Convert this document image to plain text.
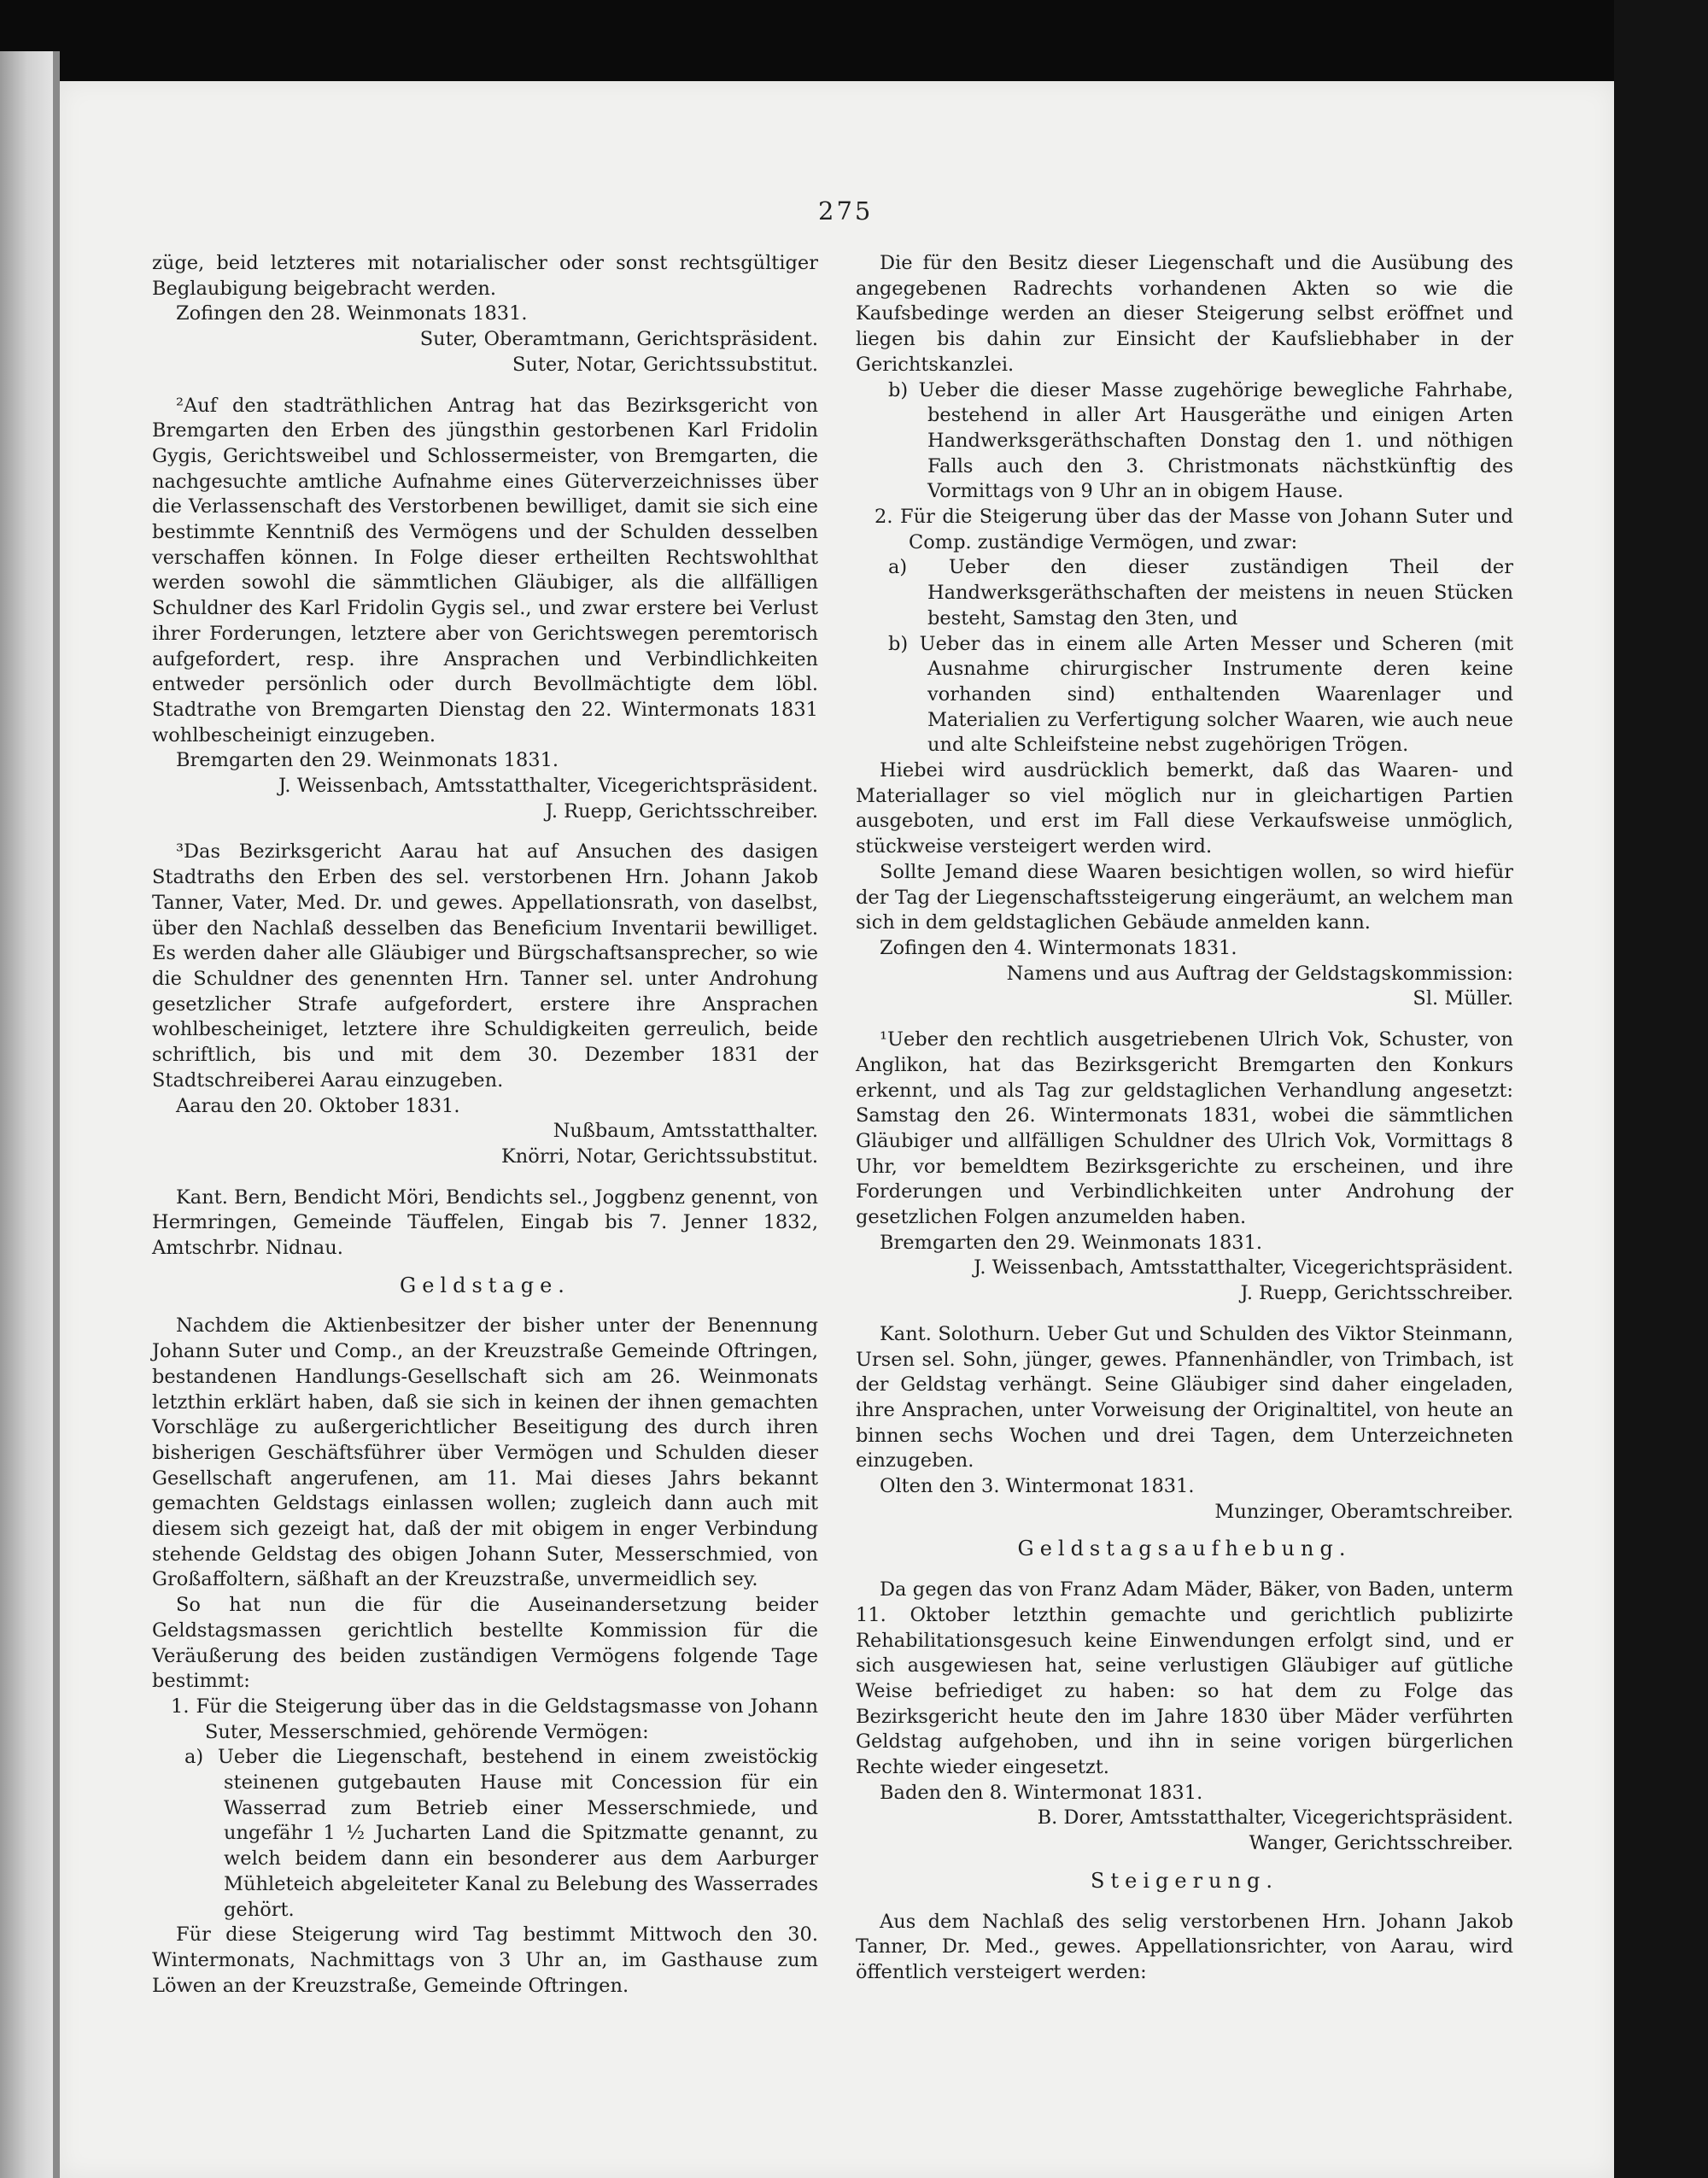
275

züge, beid letzteres mit notarialischer oder sonst rechtsgültiger Beglaubigung beigebracht werden.

Zofingen den 28. Weinmonats 1831.

Suter, Oberamtmann, Gerichtspräsident.

Suter, Notar, Gerichtssubstitut.

²Auf den stadträthlichen Antrag hat das Bezirksgericht von Bremgarten den Erben des jüngsthin gestorbenen Karl Fridolin Gygis, Gerichtsweibel und Schlossermeister, von Bremgarten, die nachgesuchte amtliche Aufnahme eines Güterverzeichnisses über die Verlassenschaft des Verstorbenen bewilliget, damit sie sich eine bestimmte Kenntniß des Vermögens und der Schulden desselben verschaffen können. In Folge dieser ertheilten Rechtswohlthat werden sowohl die sämmtlichen Gläubiger, als die allfälligen Schuldner des Karl Fridolin Gygis sel., und zwar erstere bei Verlust ihrer Forderungen, letztere aber von Gerichtswegen peremtorisch aufgefordert, resp. ihre Ansprachen und Verbindlichkeiten entweder persönlich oder durch Bevollmächtigte dem löbl. Stadtrathe von Bremgarten Dienstag den 22. Wintermonats 1831 wohlbescheinigt einzugeben.

Bremgarten den 29. Weinmonats 1831.

J. Weissenbach, Amtsstatthalter, Vicegerichtspräsident.

J. Ruepp, Gerichtsschreiber.

³Das Bezirksgericht Aarau hat auf Ansuchen des dasigen Stadtraths den Erben des sel. verstorbenen Hrn. Johann Jakob Tanner, Vater, Med. Dr. und gewes. Appellationsrath, von daselbst, über den Nachlaß desselben das Beneficium Inventarii bewilliget. Es werden daher alle Gläubiger und Bürgschaftsansprecher, so wie die Schuldner des genennten Hrn. Tanner sel. unter Androhung gesetzlicher Strafe aufgefordert, erstere ihre Ansprachen wohlbescheiniget, letztere ihre Schuldigkeiten gerreulich, beide schriftlich, bis und mit dem 30. Dezember 1831 der Stadtschreiberei Aarau einzugeben.

Aarau den 20. Oktober 1831.

Nußbaum, Amtsstatthalter.

Knörri, Notar, Gerichtssubstitut.

Kant. Bern, Bendicht Möri, Bendichts sel., Joggbenz genennt, von Hermringen, Gemeinde Täuffelen, Eingab bis 7. Jenner 1832, Amtschrbr. Nidnau.

Geldstage.

Nachdem die Aktienbesitzer der bisher unter der Benennung Johann Suter und Comp., an der Kreuzstraße Gemeinde Oftringen, bestandenen Handlungs-Gesellschaft sich am 26. Weinmonats letzthin erklärt haben, daß sie sich in keinen der ihnen gemachten Vorschläge zu außergerichtlicher Beseitigung des durch ihren bisherigen Geschäftsführer über Vermögen und Schulden dieser Gesellschaft angerufenen, am 11. Mai dieses Jahrs bekannt gemachten Geldstags einlassen wollen; zugleich dann auch mit diesem sich gezeigt hat, daß der mit obigem in enger Verbindung stehende Geldstag des obigen Johann Suter, Messerschmied, von Großaffoltern, säßhaft an der Kreuzstraße, unvermeidlich sey.

So hat nun die für die Auseinandersetzung beider Geldstagsmassen gerichtlich bestellte Kommission für die Veräußerung des beiden zuständigen Vermögens folgende Tage bestimmt:

1. Für die Steigerung über das in die Geldstagsmasse von Johann Suter, Messerschmied, gehörende Vermögen:

a) Ueber die Liegenschaft, bestehend in einem zweistöckig steinenen gutgebauten Hause mit Concession für ein Wasserrad zum Betrieb einer Messerschmiede, und ungefähr 1 ½ Jucharten Land die Spitzmatte genannt, zu welch beidem dann ein besonderer aus dem Aarburger Mühleteich abgeleiteter Kanal zu Belebung des Wasserrades gehört.

Für diese Steigerung wird Tag bestimmt Mittwoch den 30. Wintermonats, Nachmittags von 3 Uhr an, im Gasthause zum Löwen an der Kreuzstraße, Gemeinde Oftringen.

Die für den Besitz dieser Liegenschaft und die Ausübung des angegebenen Radrechts vorhandenen Akten so wie die Kaufsbedinge werden an dieser Steigerung selbst eröffnet und liegen bis dahin zur Einsicht der Kaufsliebhaber in der Gerichtskanzlei.

b) Ueber die dieser Masse zugehörige bewegliche Fahrhabe, bestehend in aller Art Hausgeräthe und einigen Arten Handwerksgeräthschaften Donstag den 1. und nöthigen Falls auch den 3. Christmonats nächstkünftig des Vormittags von 9 Uhr an in obigem Hause.

2. Für die Steigerung über das der Masse von Johann Suter und Comp. zuständige Vermögen, und zwar:

a) Ueber den dieser zuständigen Theil der Handwerksgeräthschaften der meistens in neuen Stücken besteht, Samstag den 3ten, und

b) Ueber das in einem alle Arten Messer und Scheren (mit Ausnahme chirurgischer Instrumente deren keine vorhanden sind) enthaltenden Waarenlager und Materialien zu Verfertigung solcher Waaren, wie auch neue und alte Schleifsteine nebst zugehörigen Trögen.

Hiebei wird ausdrücklich bemerkt, daß das Waaren- und Materiallager so viel möglich nur in gleichartigen Partien ausgeboten, und erst im Fall diese Verkaufsweise unmöglich, stückweise versteigert werden wird.

Sollte Jemand diese Waaren besichtigen wollen, so wird hiefür der Tag der Liegenschaftssteigerung eingeräumt, an welchem man sich in dem geldstaglichen Gebäude anmelden kann.

Zofingen den 4. Wintermonats 1831.

Namens und aus Auftrag der Geldstagskommission:

Sl. Müller.

¹Ueber den rechtlich ausgetriebenen Ulrich Vok, Schuster, von Anglikon, hat das Bezirksgericht Bremgarten den Konkurs erkennt, und als Tag zur geldstaglichen Verhandlung angesetzt: Samstag den 26. Wintermonats 1831, wobei die sämmtlichen Gläubiger und allfälligen Schuldner des Ulrich Vok, Vormittags 8 Uhr, vor bemeldtem Bezirksgerichte zu erscheinen, und ihre Forderungen und Verbindlichkeiten unter Androhung der gesetzlichen Folgen anzumelden haben.

Bremgarten den 29. Weinmonats 1831.

J. Weissenbach, Amtsstatthalter, Vicegerichtspräsident.

J. Ruepp, Gerichtsschreiber.

Kant. Solothurn. Ueber Gut und Schulden des Viktor Steinmann, Ursen sel. Sohn, jünger, gewes. Pfannenhändler, von Trimbach, ist der Geldstag verhängt. Seine Gläubiger sind daher eingeladen, ihre Ansprachen, unter Vorweisung der Originaltitel, von heute an binnen sechs Wochen und drei Tagen, dem Unterzeichneten einzugeben.

Olten den 3. Wintermonat 1831.

Munzinger, Oberamtschreiber.

Geldstagsaufhebung.

Da gegen das von Franz Adam Mäder, Bäker, von Baden, unterm 11. Oktober letzthin gemachte und gerichtlich publizirte Rehabilitationsgesuch keine Einwendungen erfolgt sind, und er sich ausgewiesen hat, seine verlustigen Gläubiger auf gütliche Weise befriediget zu haben: so hat dem zu Folge das Bezirksgericht heute den im Jahre 1830 über Mäder verführten Geldstag aufgehoben, und ihn in seine vorigen bürgerlichen Rechte wieder eingesetzt.

Baden den 8. Wintermonat 1831.

B. Dorer, Amtsstatthalter, Vicegerichtspräsident.

Wanger, Gerichtsschreiber.

Steigerung.

Aus dem Nachlaß des selig verstorbenen Hrn. Johann Jakob Tanner, Dr. Med., gewes. Appellationsrichter, von Aarau, wird öffentlich versteigert werden:
